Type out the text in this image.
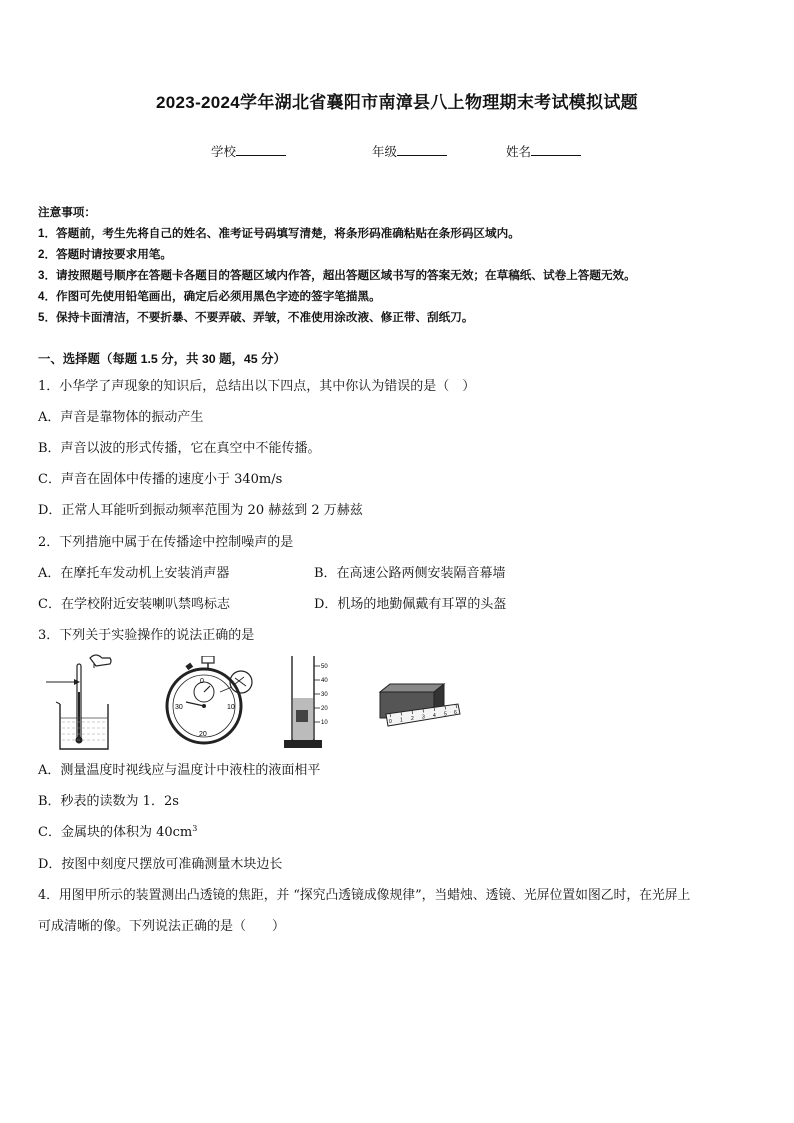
2023-2024学年湖北省襄阳市南漳县八上物理期末考试模拟试题
学校	年级	姓名
注意事项：
1．答题前，考生先将自己的姓名、准考证号码填写清楚，将条形码准确粘贴在条形码区域内。
2．答题时请按要求用笔。
3．请按照题号顺序在答题卡各题目的答题区域内作答，超出答题区域书写的答案无效；在草稿纸、试卷上答题无效。
4．作图可先使用铅笔画出，确定后必须用黑色字迹的签字笔描黑。
5．保持卡面清洁，不要折暴、不要弄破、弄皱，不准使用涂改液、修正带、刮纸刀。
一、选择题（每题 1.5 分，共 30 题，45 分）
1．小华学了声现象的知识后，总结出以下四点，其中你认为错误的是（　）
A．声音是靠物体的振动产生
B．声音以波的形式传播，它在真空中不能传播。
C．声音在固体中传播的速度小于 340m/s
D．正常人耳能听到振动频率范围为 20 赫兹到 2 万赫兹
2．下列措施中属于在传播途中控制噪声的是
A．在摩托车发动机上安装消声器	B．在高速公路两侧安装隔音幕墙
C．在学校附近安装喇叭禁鸣标志	D．机场的地勤佩戴有耳罩的头盔
3．下列关于实验操作的说法正确的是
0
10
20
30
50
40
30
20
10	0 1 2 3 4 5 6
A．测量温度时视线应与温度计中液柱的液面相平
B．秒表的读数为 1．2s
C．金属块的体积为 $40cm^3$
D．按图中刻度尺摆放可准确测量木块边长
4．用图甲所示的装置测出凸透镜的焦距，并 “探究凸透镜成像规律”，当蜡烛、透镜、光屏位置如图乙时，在光屏上
可成清晰的像。下列说法正确的是（　　）
